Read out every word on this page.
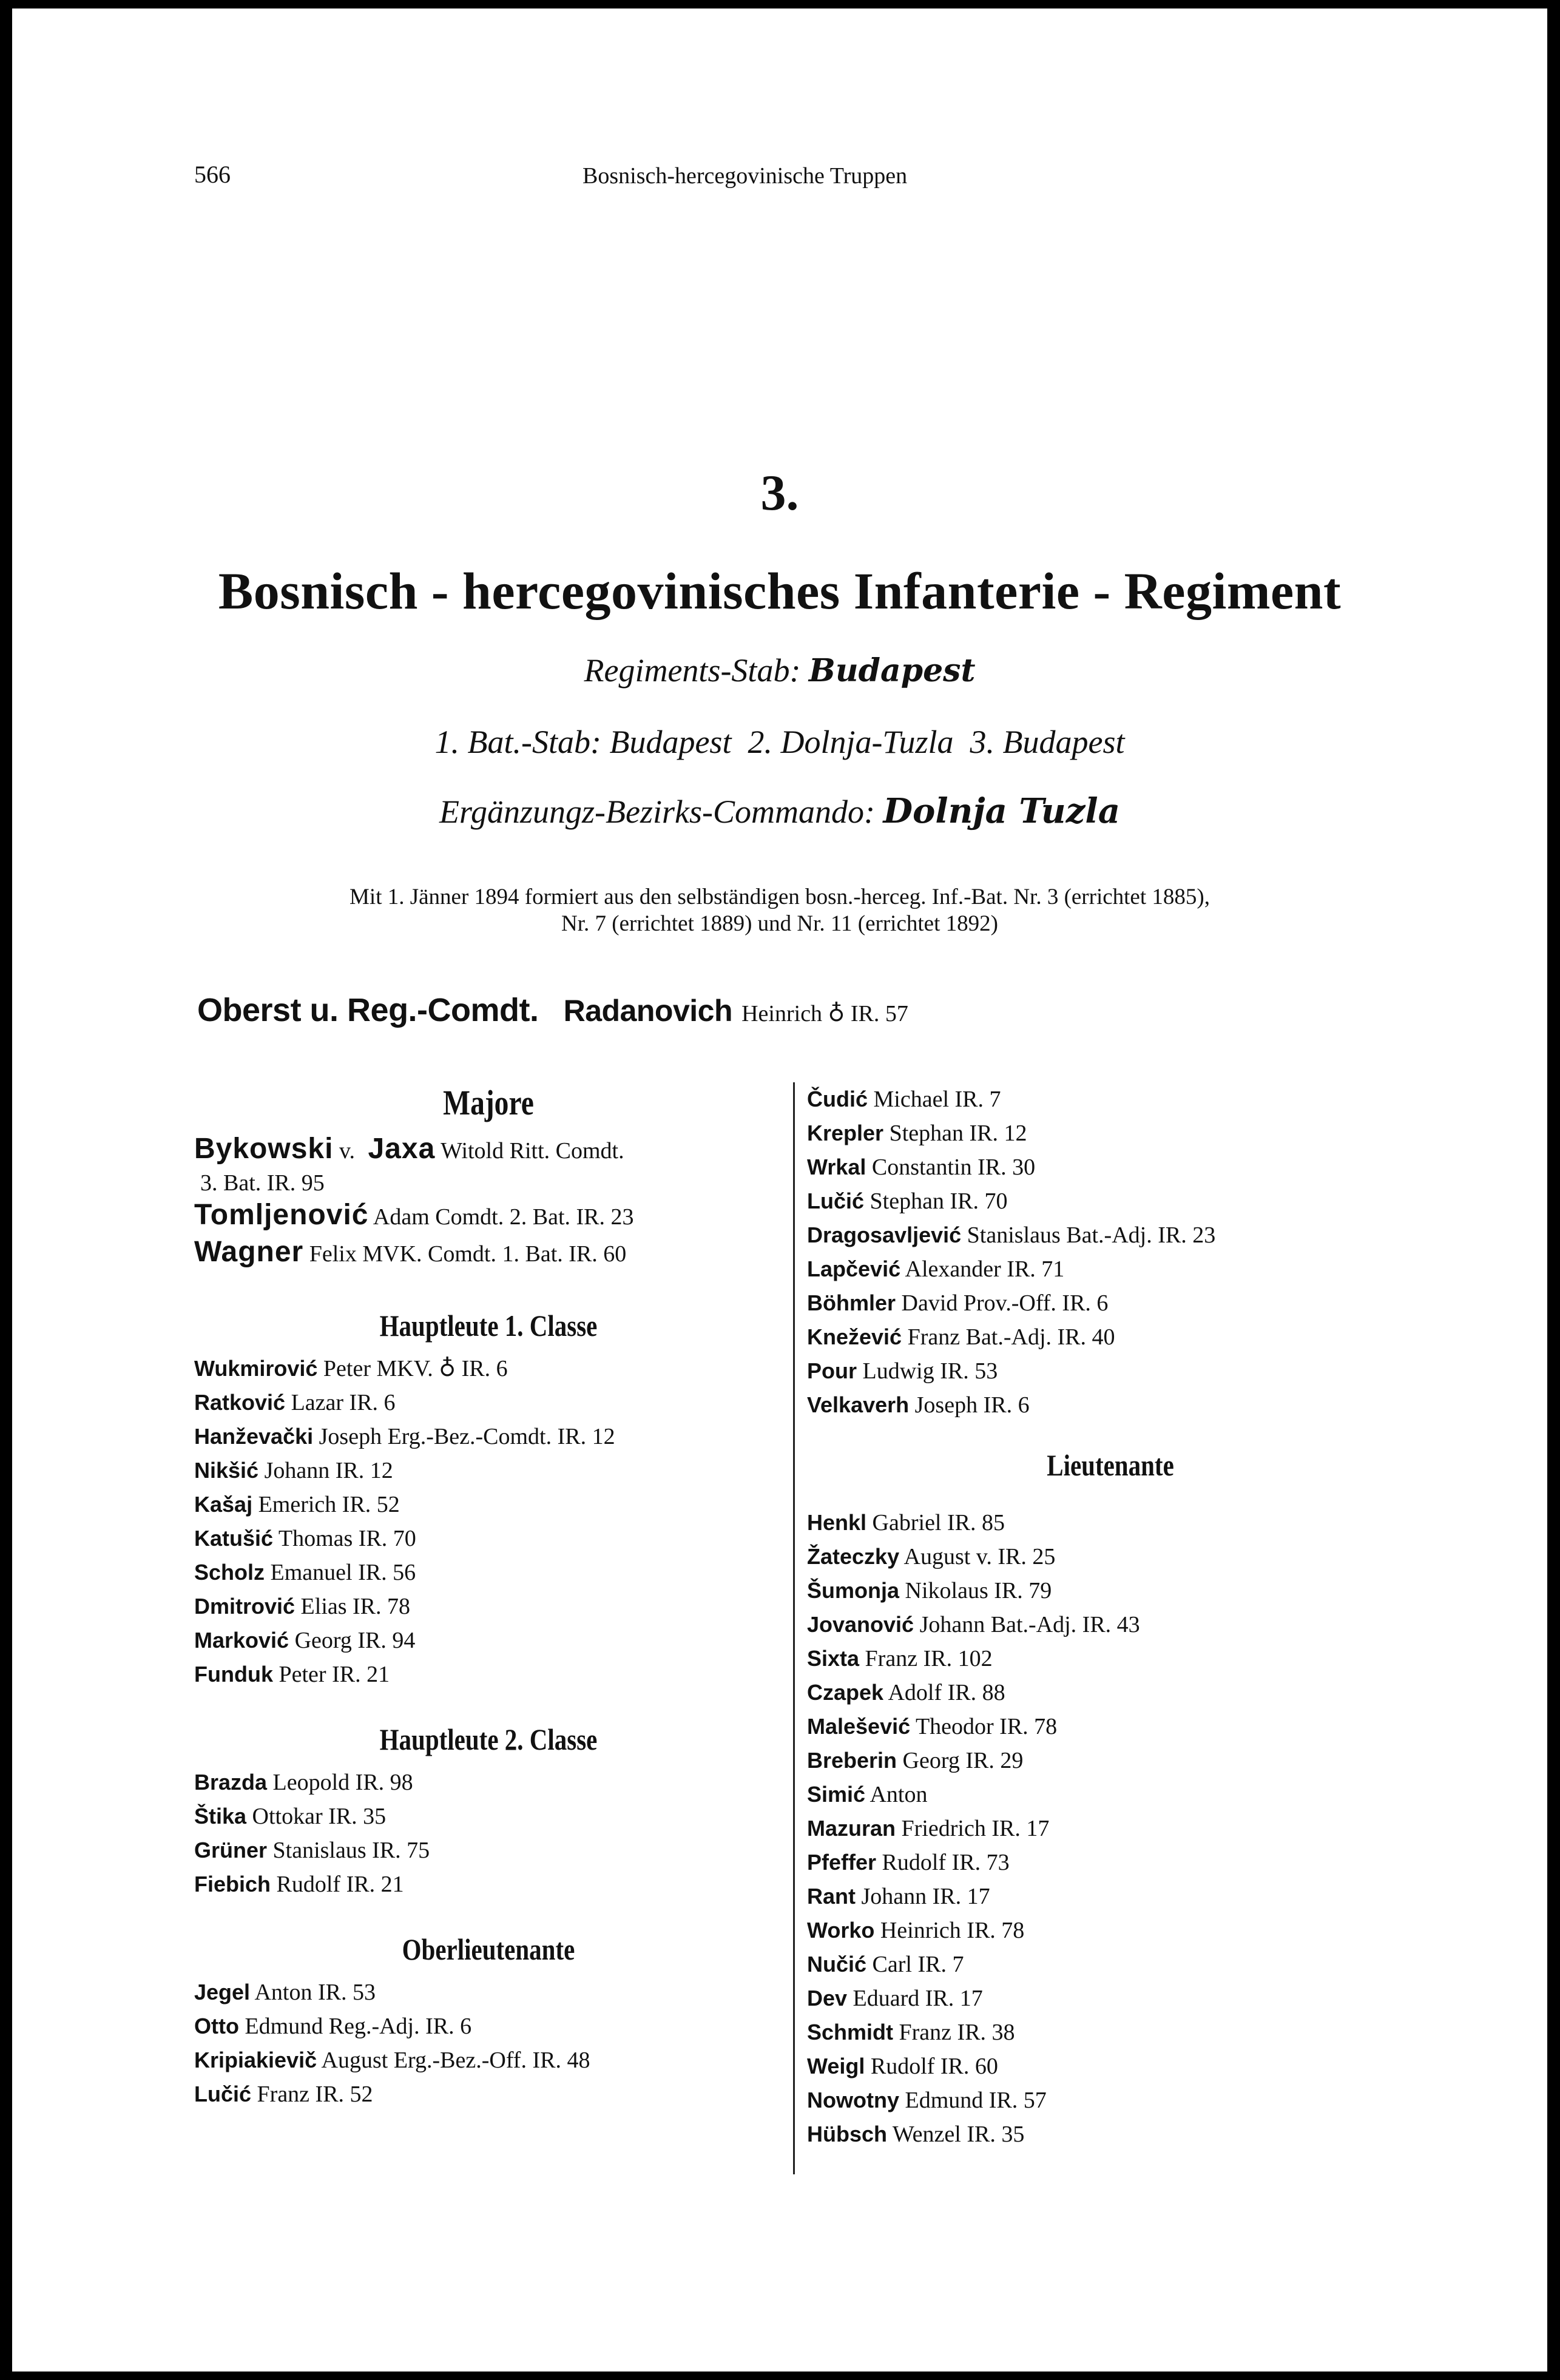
566	Bosnisch-hercegovinische Truppen
3.
Bosnisch - hercegovinisches Infanterie - Regiment
Regiments-Stab: Budapest
1. Bat.-Stab: Budapest  2. Dolnja-Tuzla  3. Budapest
Ergänzungz-Bezirks-Commando: Dolnja Tuzla
Mit 1. Jänner 1894 formiert aus den selbständigen bosn.-herceg. Inf.-Bat. Nr. 3 (errichtet 1885),
Nr. 7 (errichtet 1889) und Nr. 11 (errichtet 1892)
Oberst u. Reg.-Comdt. Radanovich Heinrich ♁ IR. 57
Majore
Bykowski v. Jaxa Witold Ritt. Comdt.
3. Bat. IR. 95
Tomljenović Adam Comdt. 2. Bat. IR. 23
Wagner Felix MVK. Comdt. 1. Bat. IR. 60
Hauptleute 1. Classe
Wukmirović Peter MKV. ♁ IR. 6
Ratković Lazar IR. 6
Hanževački Joseph Erg.-Bez.-Comdt. IR. 12
Nikšić Johann IR. 12
Kašaj Emerich IR. 52
Katušić Thomas IR. 70
Scholz Emanuel IR. 56
Dmitrović Elias IR. 78
Marković Georg IR. 94
Funduk Peter IR. 21
Hauptleute 2. Classe
Brazda Leopold IR. 98
Štika Ottokar IR. 35
Grüner Stanislaus IR. 75
Fiebich Rudolf IR. 21
Oberlieutenante
Jegel Anton IR. 53
Otto Edmund Reg.-Adj. IR. 6
Kripiakievič August Erg.-Bez.-Off. IR. 48
Lučić Franz IR. 52
Čudić Michael IR. 7
Krepler Stephan IR. 12
Wrkal Constantin IR. 30
Lučić Stephan IR. 70
Dragosavljević Stanislaus Bat.-Adj. IR. 23
Lapčević Alexander IR. 71
Böhmler David Prov.-Off. IR. 6
Knežević Franz Bat.-Adj. IR. 40
Pour Ludwig IR. 53
Velkaverh Joseph IR. 6
Lieutenante
Henkl Gabriel IR. 85
Žateczky August v. IR. 25
Šumonja Nikolaus IR. 79
Jovanović Johann Bat.-Adj. IR. 43
Sixta Franz IR. 102
Czapek Adolf IR. 88
Malešević Theodor IR. 78
Breberin Georg IR. 29
Simić Anton
Mazuran Friedrich IR. 17
Pfeffer Rudolf IR. 73
Rant Johann IR. 17
Worko Heinrich IR. 78
Nučić Carl IR. 7
Dev Eduard IR. 17
Schmidt Franz IR. 38
Weigl Rudolf IR. 60
Nowotny Edmund IR. 57
Hübsch Wenzel IR. 35
